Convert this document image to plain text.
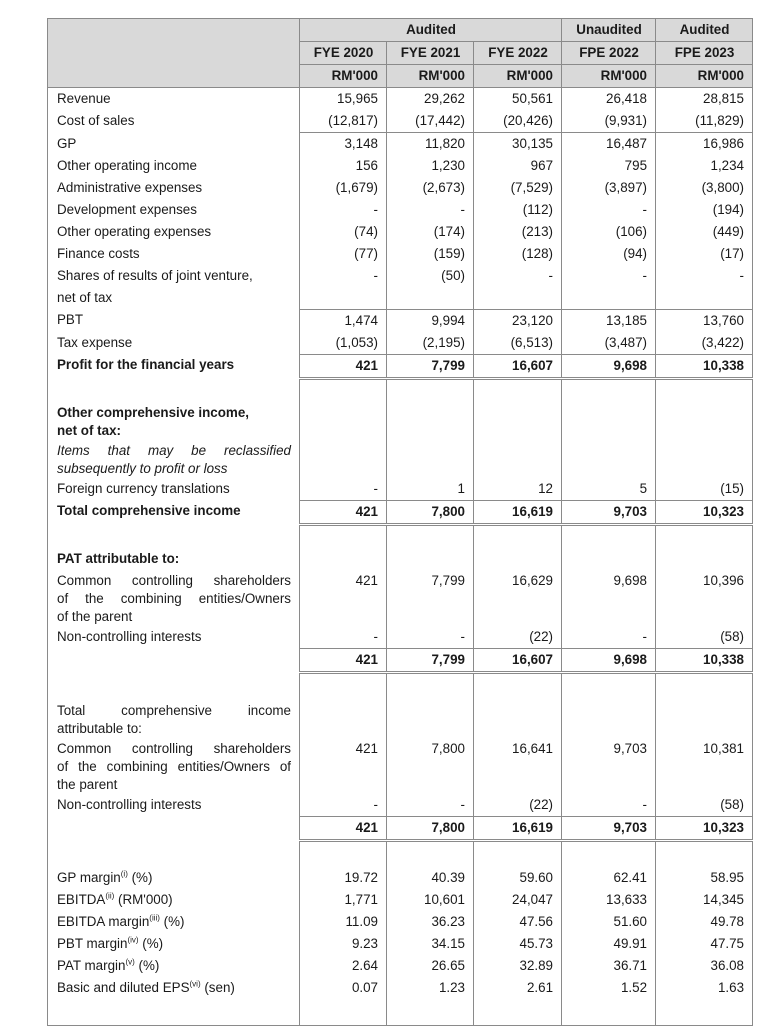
	Audited			Unaudited	Audited
	FYE 2020	FYE 2021	FYE 2022	FPE 2022	FPE 2023
	RM'000	RM'000	RM'000	RM'000	RM'000
Revenue	15,965	29,262	50,561	26,418	28,815
Cost of sales	(12,817)	(17,442)	(20,426)	(9,931)	(11,829)
GP	3,148	11,820	30,135	16,487	16,986
Other operating income	156	1,230	967	795	1,234
Administrative expenses	(1,679)	(2,673)	(7,529)	(3,897)	(3,800)
Development expenses	-	-	(112)	-	(194)
Other operating expenses	(74)	(174)	(213)	(106)	(449)
Finance costs	(77)	(159)	(128)	(94)	(17)
Shares of results of joint venture,
net of tax	-	(50)	-	-	-
PBT	1,474	9,994	23,120	13,185	13,760
Tax expense	(1,053)	(2,195)	(6,513)	(3,487)	(3,422)
Profit for the financial years	421	7,799	16,607	9,698	10,338

Other comprehensive income,
net of tax:					

Items that may be reclassified
subsequently to profit or loss					
Foreign currency translations	-	1	12	5	(15)
Total comprehensive income	421	7,800	16,619	9,703	10,323

PAT attributable to:					

Common controlling shareholders
of the combining entities/Owners
of the parent	421	7,799	16,629	9,698	10,396
Non-controlling interests	-	-	(22)	-	(58)
	421	7,799	16,607	9,698	10,338

Total comprehensive income
attributable to:					

Common controlling shareholders
of the combining entities/Owners of
the parent	421	7,800	16,641	9,703	10,381
Non-controlling interests	-	-	(22)	-	(58)
	421	7,800	16,619	9,703	10,323

GP margin$^{(i)}$ (%)	19.72	40.39	59.60	62.41	58.95
EBITDA$^{(ii)}$ (RM'000)	1,771	10,601	24,047	13,633	14,345
EBITDA margin$^{(iii)}$ (%)	11.09	36.23	47.56	51.60	49.78
PBT margin$^{(iv)}$ (%)	9.23	34.15	45.73	49.91	47.75
PAT margin$^{(v)}$ (%)	2.64	26.65	32.89	36.71	36.08
Basic and diluted EPS$^{(vi)}$ (sen)	0.07	1.23	2.61	1.52	1.63
